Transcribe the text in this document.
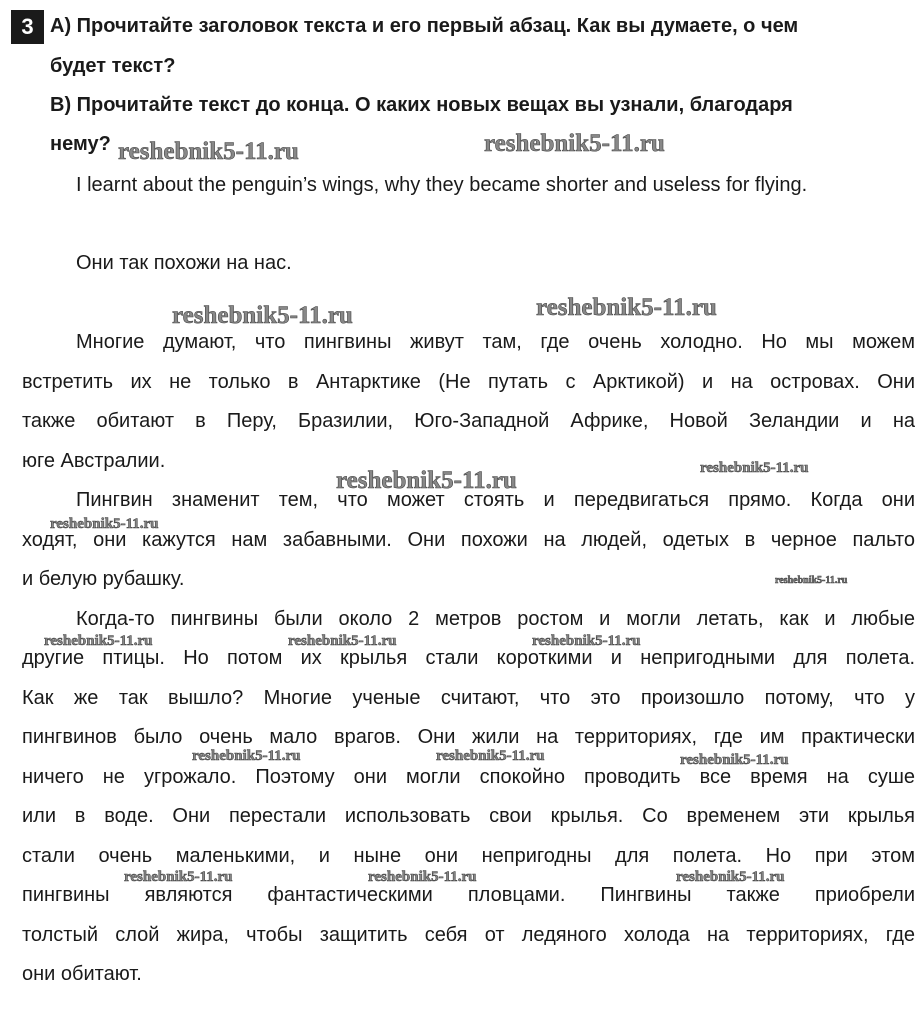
3 А) Прочитайте заголовок текста и его первый абзац. Как вы думаете, о чем
будет текст?
В) Прочитайте текст до конца. О каких новых вещах вы узнали, благодаря
нему?
I learnt about the penguin’s wings, why they became shorter and useless for flying.
Они так похожи на нас.
Многие думают, что пингвины живут там, где очень холодно. Но мы можем
встретить их не только в Антарктике (Не путать с Арктикой) и на островах. Они
также обитают в Перу, Бразилии, Юго-Западной Африке, Новой Зеландии и на
юге Австралии.
Пингвин знаменит тем, что может стоять и передвигаться прямо. Когда они
ходят, они кажутся нам забавными. Они похожи на людей, одетых в черное пальто
и белую рубашку.
Когда-то пингвины были около 2 метров ростом и могли летать, как и любые
другие птицы. Но потом их крылья стали короткими и непригодными для полета.
Как же так вышло? Многие ученые считают, что это произошло потому, что у
пингвинов было очень мало врагов. Они жили на территориях, где им практически
ничего не угрожало. Поэтому они могли спокойно проводить все время на суше
или в воде. Они перестали использовать свои крылья. Со временем эти крылья
стали очень маленькими, и ныне они непригодны для полета. Но при этом
пингвины являются фантастическими пловцами. Пингвины также приобрели
толстый слой жира, чтобы защитить себя от ледяного холода на территориях, где
они обитают.
reshebnik5-11.ru	reshebnik5-11.ru
reshebnik5-11.ru	reshebnik5-11.ru
reshebnik5-11.ru	reshebnik5-11.ru
reshebnik5-11.ru
reshebnik5-11.ru
reshebnik5-11.ru	reshebnik5-11.ru	reshebnik5-11.ru
reshebnik5-11.ru	reshebnik5-11.ru	reshebnik5-11.ru
reshebnik5-11.ru	reshebnik5-11.ru	reshebnik5-11.ru
